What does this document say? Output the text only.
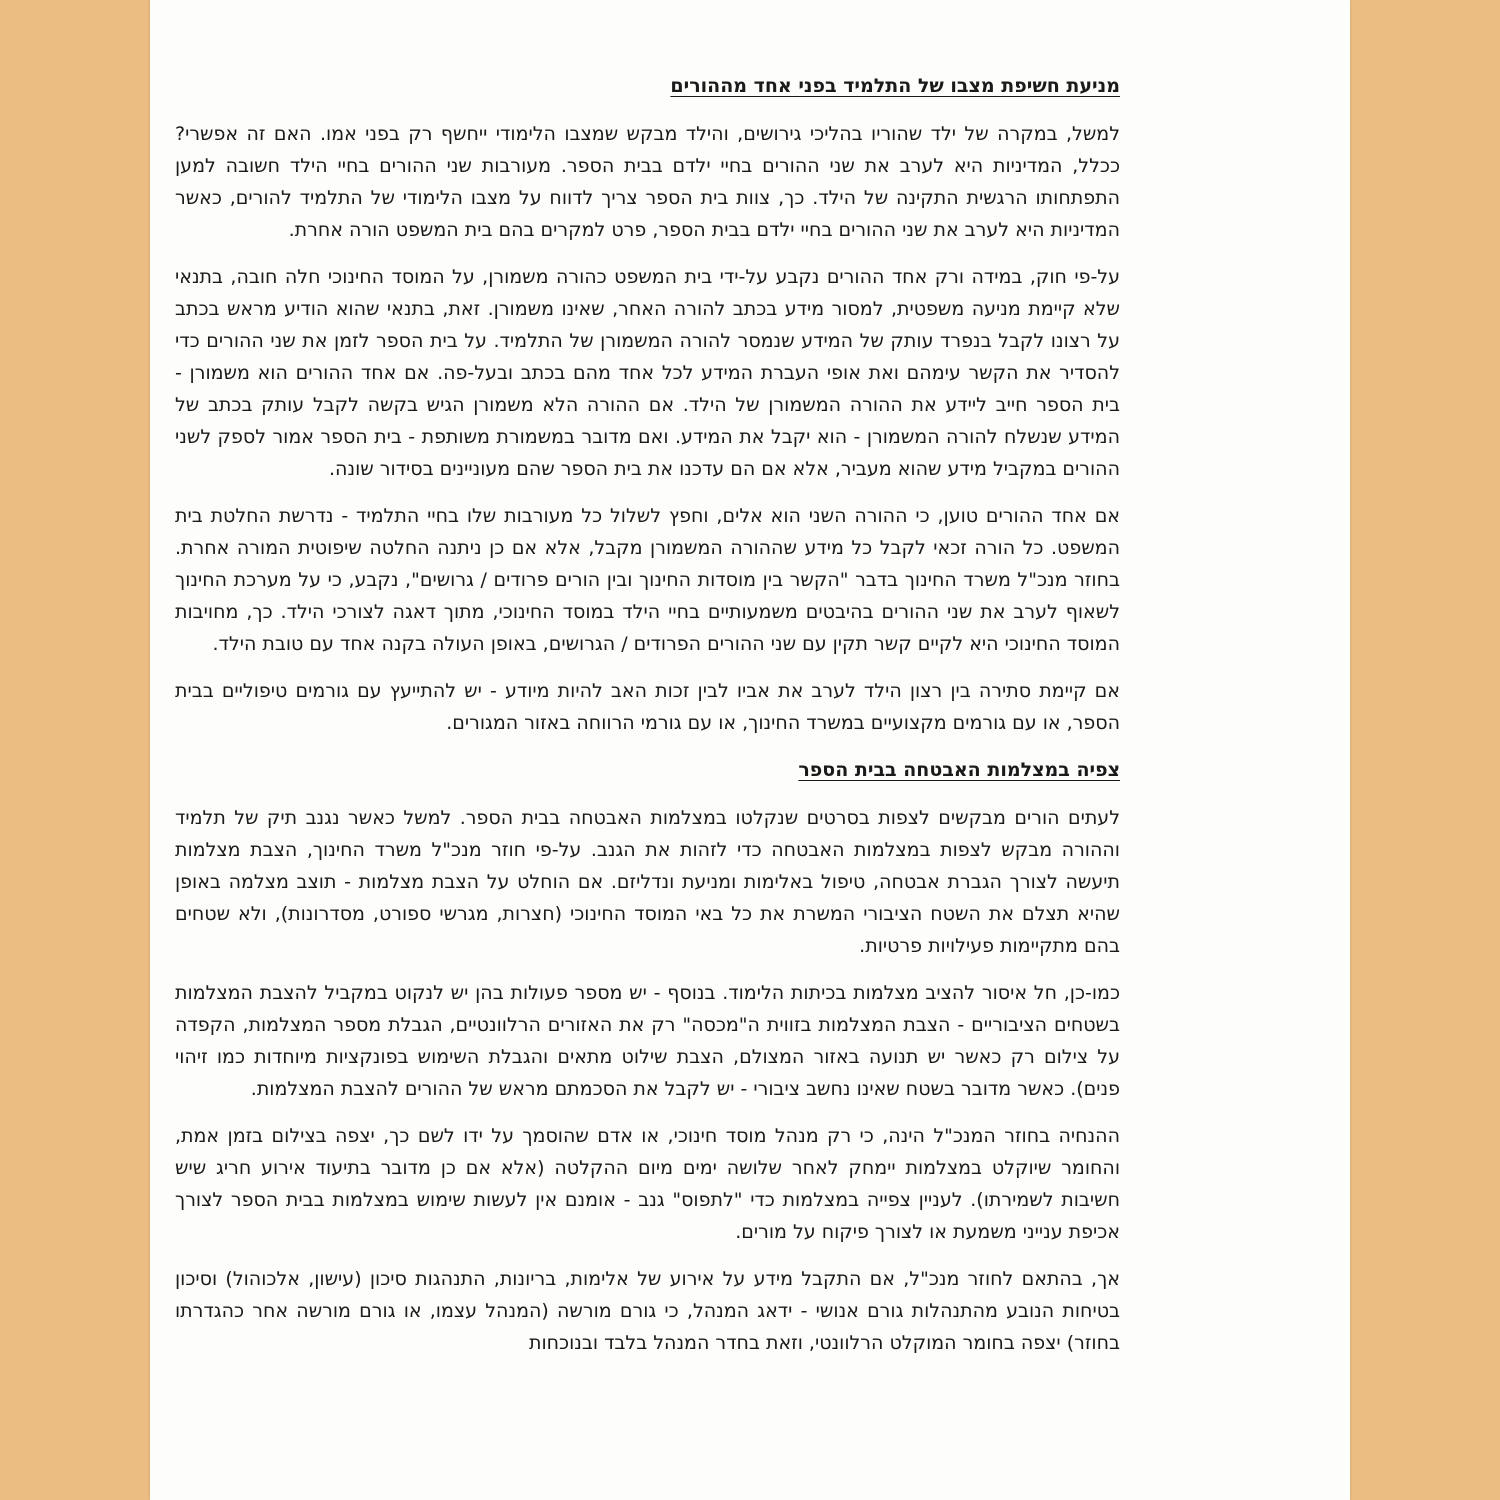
מניעת חשיפת מצבו של התלמיד בפני אחד מההורים

למשל, במקרה של ילד שהוריו בהליכי גירושים, והילד מבקש שמצבו הלימודי ייחשף רק בפני אמו. האם זה אפשרי? ככלל, המדיניות היא לערב את שני ההורים בחיי ילדם בבית הספר. מעורבות שני ההורים בחיי הילד חשובה למען התפתחותו הרגשית התקינה של הילד. כך, צוות בית הספר צריך לדווח על מצבו הלימודי של התלמיד להורים, כאשר המדיניות היא לערב את שני ההורים בחיי ילדם בבית הספר, פרט למקרים בהם בית המשפט הורה אחרת.

על-פי חוק, במידה ורק אחד ההורים נקבע על-ידי בית המשפט כהורה משמורן, על המוסד החינוכי חלה חובה, בתנאי שלא קיימת מניעה משפטית, למסור מידע בכתב להורה האחר, שאינו משמורן. זאת, בתנאי שהוא הודיע מראש בכתב על רצונו לקבל בנפרד עותק של המידע שנמסר להורה המשמורן של התלמיד. על בית הספר לזמן את שני ההורים כדי להסדיר את הקשר עימהם ואת אופי העברת המידע לכל אחד מהם בכתב ובעל-פה. אם אחד ההורים הוא משמורן - בית הספר חייב ליידע את ההורה המשמורן של הילד. אם ההורה הלא משמורן הגיש בקשה לקבל עותק בכתב של המידע שנשלח להורה המשמורן - הוא יקבל את המידע. ואם מדובר במשמורת משותפת - בית הספר אמור לספק לשני ההורים במקביל מידע שהוא מעביר, אלא אם הם עדכנו את בית הספר שהם מעוניינים בסידור שונה.

אם אחד ההורים טוען, כי ההורה השני הוא אלים, וחפץ לשלול כל מעורבות שלו בחיי התלמיד - נדרשת החלטת בית המשפט. כל הורה זכאי לקבל כל מידע שההורה המשמורן מקבל, אלא אם כן ניתנה החלטה שיפוטית המורה אחרת. בחוזר מנכ"ל משרד החינוך בדבר "הקשר בין מוסדות החינוך ובין הורים פרודים / גרושים", נקבע, כי על מערכת החינוך לשאוף לערב את שני ההורים בהיבטים משמעותיים בחיי הילד במוסד החינוכי, מתוך דאגה לצורכי הילד. כך, מחויבות המוסד החינוכי היא לקיים קשר תקין עם שני ההורים הפרודים / הגרושים, באופן העולה בקנה אחד עם טובת הילד.

אם קיימת סתירה בין רצון הילד לערב את אביו לבין זכות האב להיות מיודע - יש להתייעץ עם גורמים טיפוליים בבית הספר, או עם גורמים מקצועיים במשרד החינוך, או עם גורמי הרווחה באזור המגורים.

צפיה במצלמות האבטחה בבית הספר

לעתים הורים מבקשים לצפות בסרטים שנקלטו במצלמות האבטחה בבית הספר. למשל כאשר נגנב תיק של תלמיד וההורה מבקש לצפות במצלמות האבטחה כדי לזהות את הגנב. על-פי חוזר מנכ"ל משרד החינוך, הצבת מצלמות תיעשה לצורך הגברת אבטחה, טיפול באלימות ומניעת ונדליזם. אם הוחלט על הצבת מצלמות - תוצב מצלמה באופן שהיא תצלם את השטח הציבורי המשרת את כל באי המוסד החינוכי (חצרות, מגרשי ספורט, מסדרונות), ולא שטחים בהם מתקיימות פעילויות פרטיות.

כמו-כן, חל איסור להציב מצלמות בכיתות הלימוד. בנוסף - יש מספר פעולות בהן יש לנקוט במקביל להצבת המצלמות בשטחים הציבוריים - הצבת המצלמות בזווית ה"מכסה" רק את האזורים הרלוונטיים, הגבלת מספר המצלמות, הקפדה על צילום רק כאשר יש תנועה באזור המצולם, הצבת שילוט מתאים והגבלת השימוש בפונקציות מיוחדות כמו זיהוי פנים). כאשר מדובר בשטח שאינו נחשב ציבורי - יש לקבל את הסכמתם מראש של ההורים להצבת המצלמות.

ההנחיה בחוזר המנכ"ל הינה, כי רק מנהל מוסד חינוכי, או אדם שהוסמך על ידו לשם כך, יצפה בצילום בזמן אמת, והחומר שיוקלט במצלמות יימחק לאחר שלושה ימים מיום ההקלטה (אלא אם כן מדובר בתיעוד אירוע חריג שיש חשיבות לשמירתו). לעניין צפייה במצלמות כדי "לתפוס" גנב - אומנם אין לעשות שימוש במצלמות בבית הספר לצורך אכיפת ענייני משמעת או לצורך פיקוח על מורים.

אך, בהתאם לחוזר מנכ"ל, אם התקבל מידע על אירוע של אלימות, בריונות, התנהגות סיכון (עישון, אלכוהול) וסיכון בטיחות הנובע מהתנהלות גורם אנושי - ידאג המנהל, כי גורם מורשה (המנהל עצמו, או גורם מורשה אחר כהגדרתו בחוזר) יצפה בחומר המוקלט הרלוונטי, וזאת בחדר המנהל בלבד ובנוכחות
